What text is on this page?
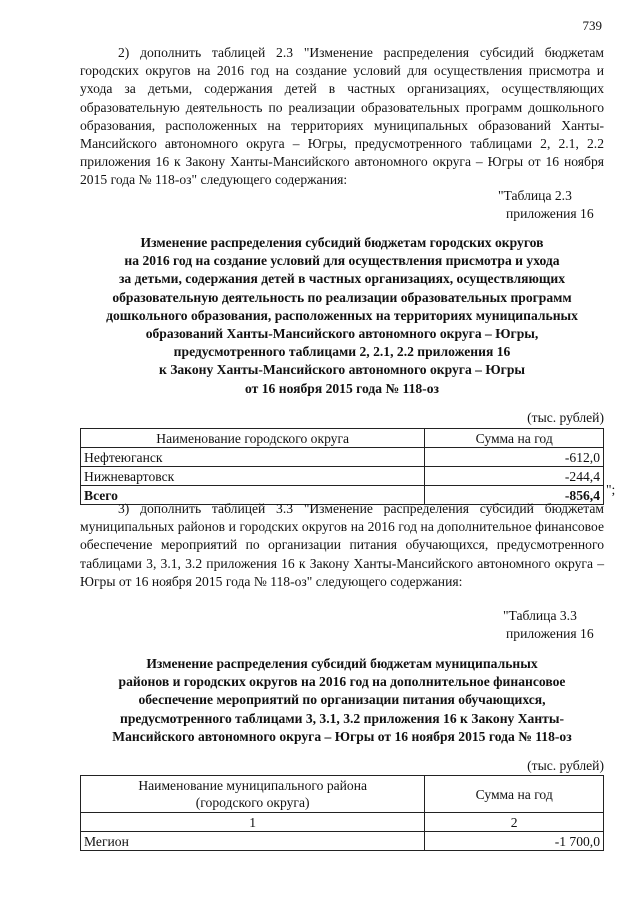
739
2) дополнить таблицей 2.3 "Изменение распределения субсидий бюджетам городских округов на 2016 год на создание условий для осуществления присмотра и ухода за детьми, содержания детей в частных организациях, осуществляющих образовательную деятельность по реализации образовательных программ дошкольного образования, расположенных на территориях муниципальных образований Ханты-Мансийского автономного округа – Югры, предусмотренного таблицами 2, 2.1, 2.2 приложения 16 к Закону Ханты-Мансийского автономного округа – Югры от 16 ноября 2015 года № 118-оз" следующего содержания:
"Таблица 2.3
приложения 16
Изменение распределения субсидий бюджетам городских округов
на 2016 год на создание условий для осуществления присмотра и ухода
за детьми, содержания детей в частных организациях, осуществляющих
образовательную деятельность по реализации образовательных программ
дошкольного образования, расположенных на территориях муниципальных
образований Ханты-Мансийского автономного округа – Югры,
предусмотренного таблицами 2, 2.1, 2.2 приложения 16
к Закону Ханты-Мансийского автономного округа – Югры
от 16 ноября 2015 года № 118-оз
(тыс. рублей)
Наименование городского округа	Сумма на год
Нефтеюганск	-612,0
Нижневартовск	-244,4
Всего	-856,4 ";
3) дополнить таблицей 3.3 "Изменение распределения субсидий бюджетам муниципальных районов и городских округов на 2016 год на дополнительное финансовое обеспечение мероприятий по организации питания обучающихся, предусмотренного таблицами 3, 3.1, 3.2 приложения 16 к Закону Ханты-Мансийского автономного округа – Югры от 16 ноября 2015 года № 118-оз" следующего содержания:
"Таблица 3.3
приложения 16
Изменение распределения субсидий бюджетам муниципальных
районов и городских округов на 2016 год на дополнительное финансовое
обеспечение мероприятий по организации питания обучающихся,
предусмотренного таблицами 3, 3.1, 3.2 приложения 16 к Закону Ханты-
Мансийского автономного округа – Югры от 16 ноября 2015 года № 118-оз
(тыс. рублей)
Наименование муниципального района
(городского округа)	Сумма на год
1	2
Мегион	-1 700,0
